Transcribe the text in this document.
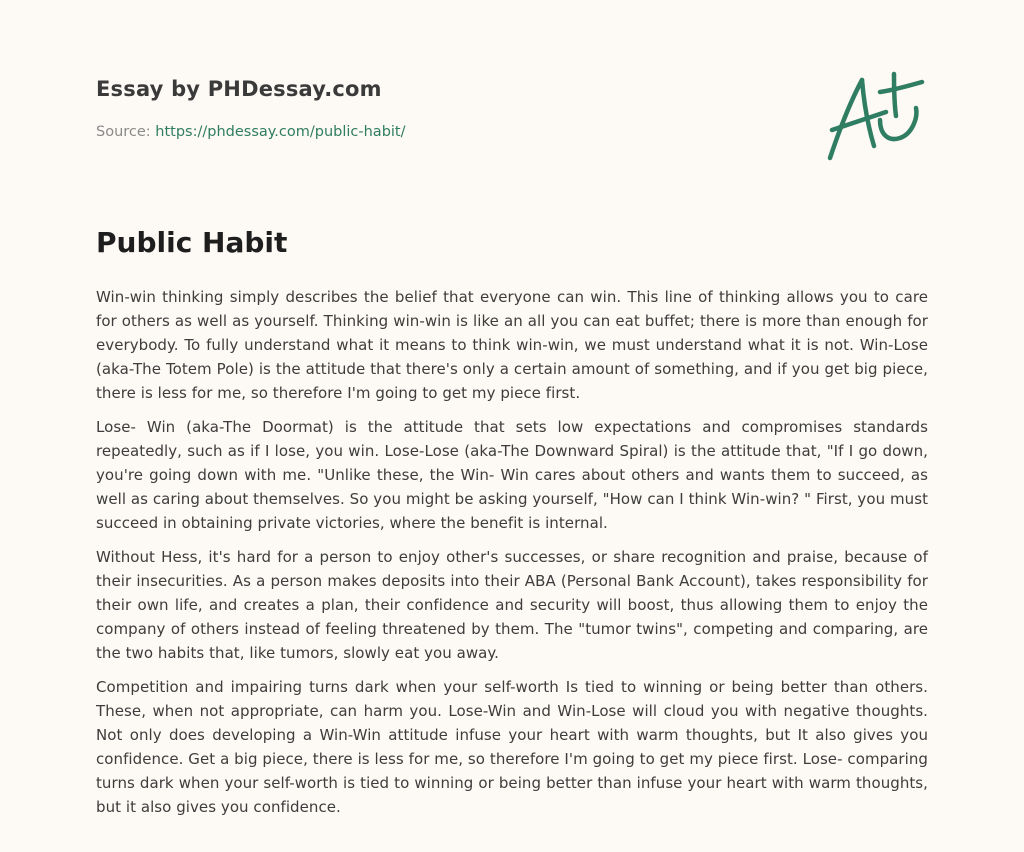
Essay by PHDessay.com

Source: https://phdessay.com/public-habit/

Public Habit

Win-win thinking simply describes the belief that everyone can win. This line of thinking allows you to care for others as well as yourself. Thinking win-win is like an all you can eat buffet; there is more than enough for everybody. To fully understand what it means to think win-win, we must understand what it is not. Win-Lose (aka-The Totem Pole) is the attitude that there's only a certain amount of something, and if you get big piece, there is less for me, so therefore I'm going to get my piece first.

Lose- Win (aka-The Doormat) is the attitude that sets low expectations and compromises standards repeatedly, such as if I lose, you win. Lose-Lose (aka-The Downward Spiral) is the attitude that, "If I go down, you're going down with me. "Unlike these, the Win- Win cares about others and wants them to succeed, as well as caring about themselves. So you might be asking yourself, "How can I think Win-win? " First, you must succeed in obtaining private victories, where the benefit is internal.

Without Hess, it's hard for a person to enjoy other's successes, or share recognition and praise, because of their insecurities. As a person makes deposits into their ABA (Personal Bank Account), takes responsibility for their own life, and creates a plan, their confidence and security will boost, thus allowing them to enjoy the company of others instead of feeling threatened by them. The "tumor twins", competing and comparing, are the two habits that, like tumors, slowly eat you away.

Competition and impairing turns dark when your self-worth Is tied to winning or being better than others. These, when not appropriate, can harm you. Lose-Win and Win-Lose will cloud you with negative thoughts. Not only does developing a Win-Win attitude infuse your heart with warm thoughts, but It also gives you confidence. Get a big piece, there is less for me, so therefore I'm going to get my piece first. Lose- comparing turns dark when your self-worth is tied to winning or being better than infuse your heart with warm thoughts, but it also gives you confidence.
